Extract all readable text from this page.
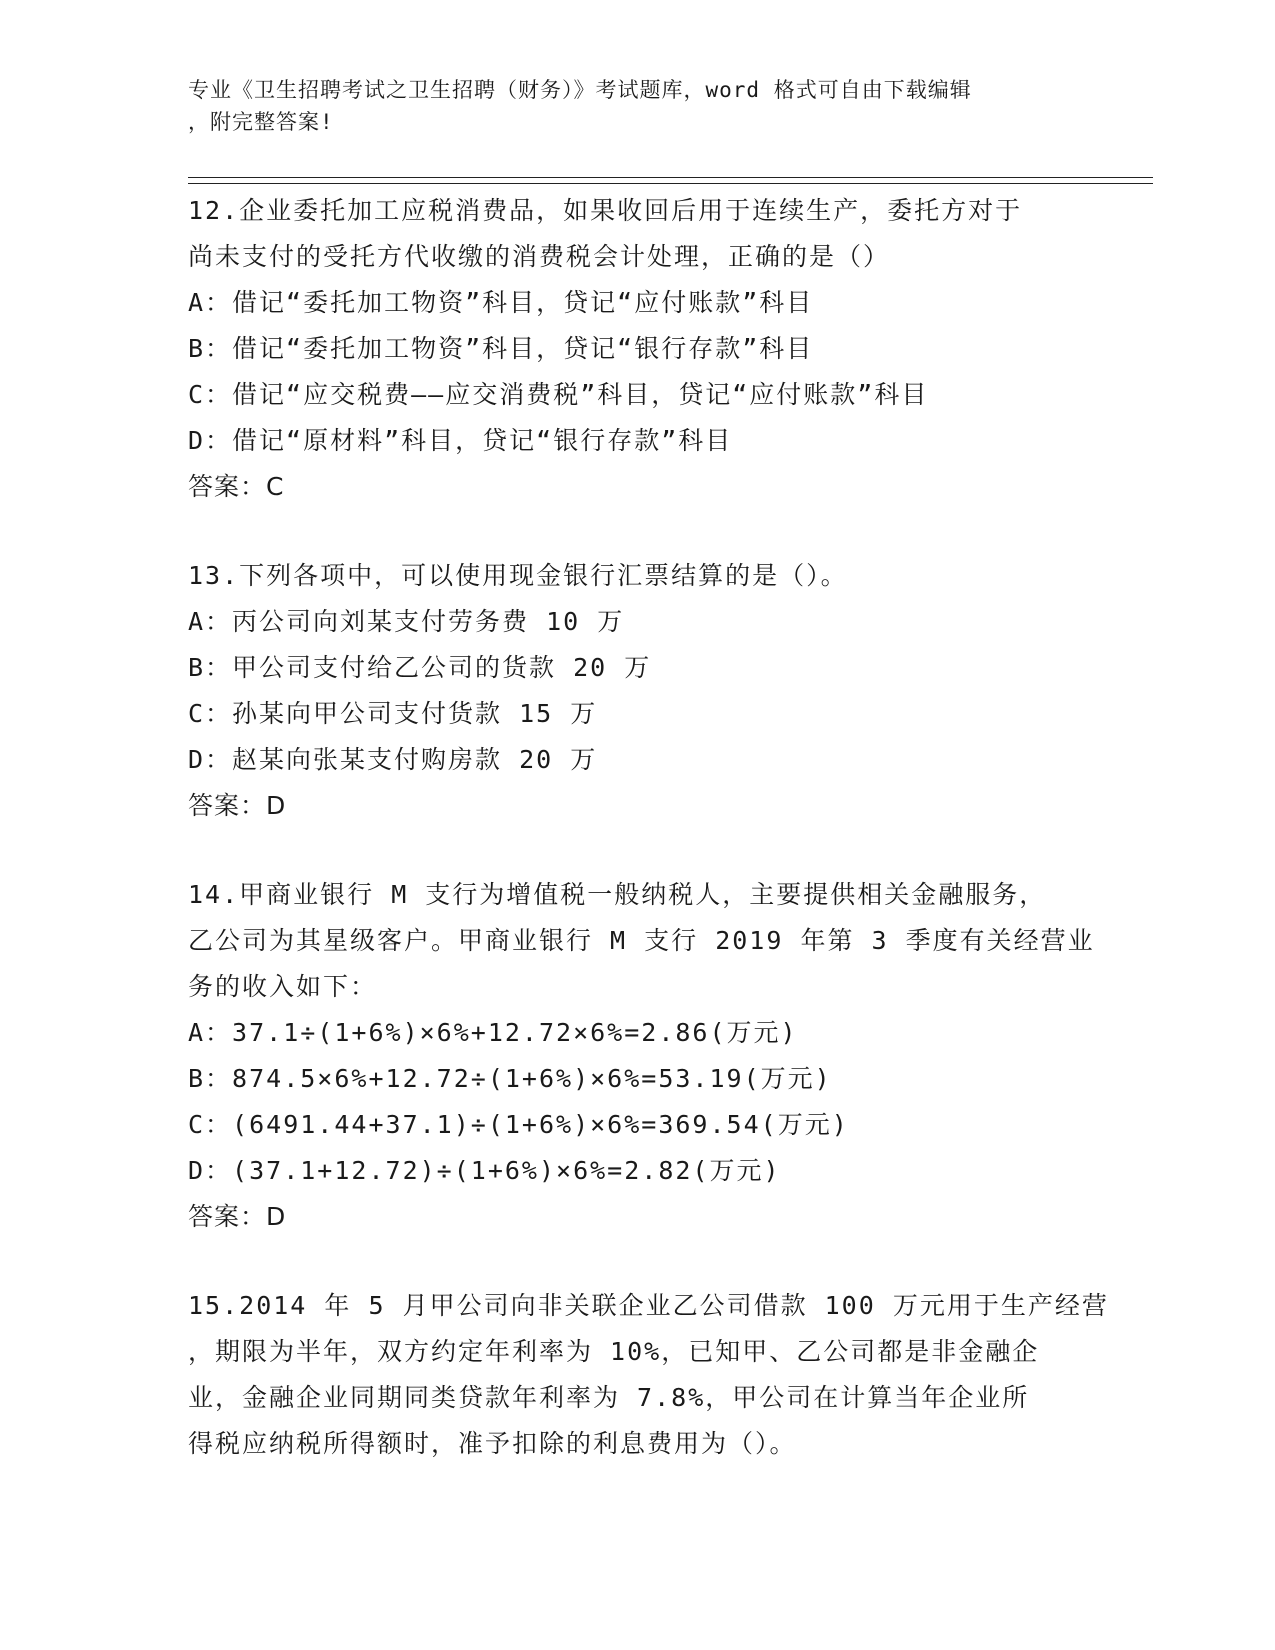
专业《卫生招聘考试之卫生招聘（财务）》考试题库，word 格式可自由下载编辑
，附完整答案!
12.企业委托加工应税消费品，如果收回后用于连续生产，委托方对于
尚未支付的受托方代收缴的消费税会计处理，正确的是（）
A：借记“委托加工物资”科目，贷记“应付账款”科目
B：借记“委托加工物资”科目，贷记“银行存款”科目
C：借记“应交税费——应交消费税”科目，贷记“应付账款”科目
D：借记“原材料”科目，贷记“银行存款”科目
答案：C
13.下列各项中，可以使用现金银行汇票结算的是（）。
A：丙公司向刘某支付劳务费 10 万
B：甲公司支付给乙公司的货款 20 万
C：孙某向甲公司支付货款 15 万
D：赵某向张某支付购房款 20 万
答案：D
14.甲商业银行 M 支行为增值税一般纳税人，主要提供相关金融服务，
乙公司为其星级客户。甲商业银行 M 支行 2019 年第 3 季度有关经营业
务的收入如下：
A：37.1÷(1+6%)×6%+12.72×6%=2.86(万元)
B：874.5×6%+12.72÷(1+6%)×6%=53.19(万元)
C：(6491.44+37.1)÷(1+6%)×6%=369.54(万元)
D：(37.1+12.72)÷(1+6%)×6%=2.82(万元)
答案：D
15.2014 年 5 月甲公司向非关联企业乙公司借款 100 万元用于生产经营
，期限为半年，双方约定年利率为 10%，已知甲、乙公司都是非金融企
业，金融企业同期同类贷款年利率为 7.8%，甲公司在计算当年企业所
得税应纳税所得额时，准予扣除的利息费用为（）。
